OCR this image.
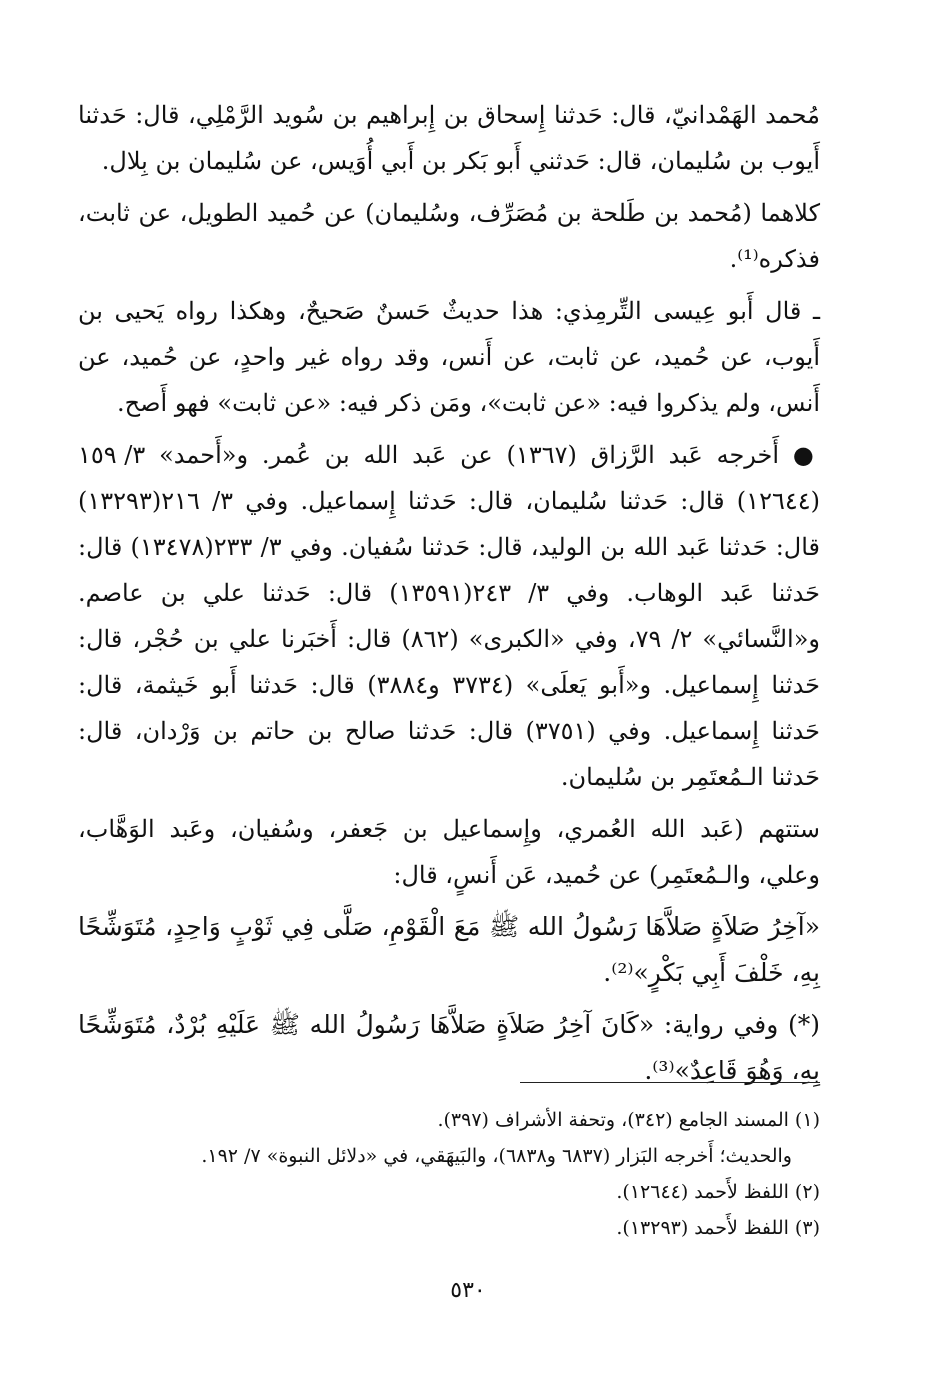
مُحمد الهَمْدانيّ، قال: حَدثنا إِسحاق بن إِبراهيم بن سُويد الرَّمْلِي، قال: حَدثنا أَيوب بن سُليمان، قال: حَدثني أَبو بَكر بن أَبي أُوَيس، عن سُليمان بن بِلال.

كلاهما (مُحمد بن طَلحة بن مُصَرِّف، وسُليمان) عن حُميد الطويل، عن ثابت، فذكره⁽¹⁾.

ـ قال أَبو عِيسى التِّرمِذي: هذا حديثٌ حَسنٌ صَحيحٌ، وهكذا رواه يَحيى بن أَيوب، عن حُميد، عن ثابت، عن أَنس، وقد رواه غير واحدٍ، عن حُميد، عن أَنس، ولم يذكروا فيه: «عن ثابت»، ومَن ذكر فيه: «عن ثابت» فهو أَصح.

● أَخرجه عَبد الرَّزاق (١٣٦٧) عن عَبد الله بن عُمر. و«أَحمد» ٣/ ١٥٩ (١٢٦٤٤) قال: حَدثنا سُليمان، قال: حَدثنا إِسماعيل. وفي ٣/ ٢١٦(١٣٢٩٣) قال: حَدثنا عَبد الله بن الوليد، قال: حَدثنا سُفيان. وفي ٣/ ٢٣٣(١٣٤٧٨) قال: حَدثنا عَبد الوهاب. وفي ٣/ ٢٤٣(١٣٥٩١) قال: حَدثنا علي بن عاصم. و«النَّسائي» ٢/ ٧٩، وفي «الكبرى» (٨٦٢) قال: أَخبَرنا علي بن حُجْر، قال: حَدثنا إِسماعيل. و«أَبو يَعلَى» (٣٧٣٤ و٣٨٨٤) قال: حَدثنا أَبو خَيثمة، قال: حَدثنا إِسماعيل. وفي (٣٧٥١) قال: حَدثنا صالح بن حاتم بن وَرْدان، قال: حَدثنا الـمُعتَمِر بن سُليمان.

ستتهم (عَبد الله العُمري، وإِسماعيل بن جَعفر، وسُفيان، وعَبد الوَهَّاب، وعلي، والـمُعتَمِر) عن حُميد، عَن أَنسٍ، قال:

«آخِرُ صَلاَةٍ صَلاَّهَا رَسُولُ الله ﷺ مَعَ الْقَوْمِ، صَلَّى فِي ثَوْبٍ وَاحِدٍ، مُتَوَشِّحًا بِهِ، خَلْفَ أَبِي بَكْرٍ»⁽²⁾.

(*) وفي رواية: «كَانَ آخِرُ صَلاَةٍ صَلاَّهَا رَسُولُ الله ﷺ عَلَيْهِ بُرْدٌ، مُتَوَشِّحًا بِهِ، وَهُوَ قَاعِدٌ»⁽³⁾.

(١) المسند الجامع (٣٤٢)، وتحفة الأشراف (٣٩٧).

والحديث؛ أَخرجه البَزار (٦٨٣٧ و٦٨٣٨)، والبَيهَقي، في «دلائل النبوة» ٧/ ١٩٢.

(٢) اللفظ لأَحمد (١٢٦٤٤).

(٣) اللفظ لأَحمد (١٣٢٩٣).

٥٣٠
